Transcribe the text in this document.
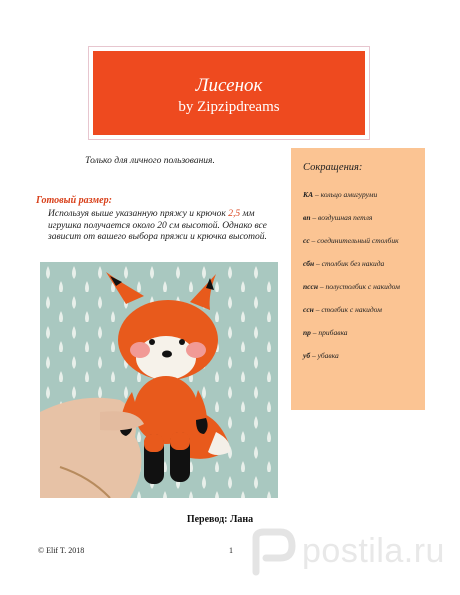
Лисенок
by Zipzipdreams
Только для личного пользования.
Готовый размер:
Используя выше указанную пряжу и крючок 2,5 мм игрушка получается около 20 см высотой. Однако все зависит от вашего выбора пряжи и крючка высотой.
Сокращения:
КА – кольцо амигуруми
вп – воздушная петля
сс – соединительный столбик
сбн – столбик без накида
пссн – полустолбик с накидом
ссн – столбик с накидом
пр – прибавка
уб – убавка
Перевод: Лана
© Elif T. 2018	1 postila.ru
